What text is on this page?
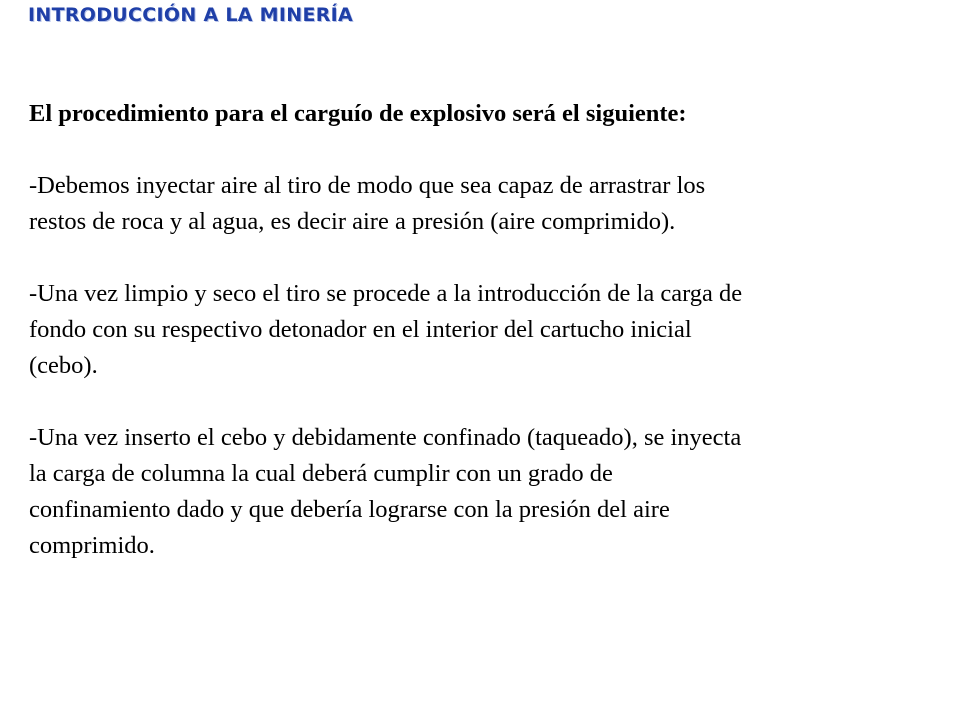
INTRODUCCIÓN A LA MINERÍA
El procedimiento para el carguío de explosivo será el siguiente:
-Debemos inyectar aire al tiro de modo que sea capaz de arrastrar los
restos de roca y al agua, es decir aire a presión (aire comprimido).
-Una vez limpio y seco el tiro se procede a la introducción de la carga de
fondo con su respectivo detonador en el interior del cartucho inicial
(cebo).
-Una vez inserto el cebo y debidamente confinado (taqueado), se inyecta
la carga de columna la cual deberá cumplir con un grado de
confinamiento dado y que debería lograrse con la presión del aire
comprimido.
